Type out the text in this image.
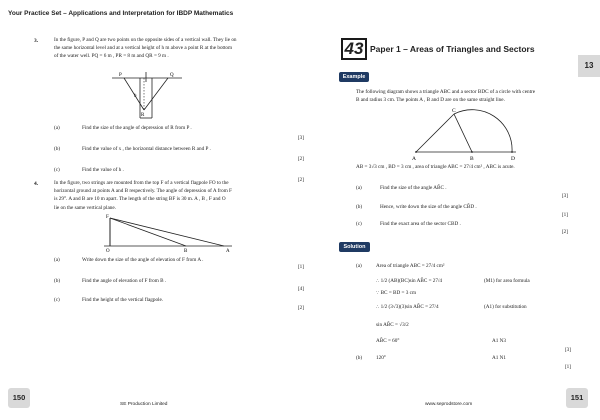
Your Practice Set – Applications and Interpretation for IBDP Mathematics
3.	In the figure, P and Q are two points on the opposite sides of a vertical wall. They lie on
the same horizontal level and at a vertical height of h m above a point R at the bottom
of the water well. PQ = 6 m , PR = 8 m and QR = 9 m .
P	Q
h
R
(a)	Find the size of the angle of depression of R from P .
[3]
(b)	Find the value of x , the horizontal distance between R and P .
[2]
(c)	Find the value of h .
[2]
4.	In the figure, two strings are mounted from the top F of a vertical flagpole FO to the
horizontal ground at points A and B respectively. The angle of depression of A from F
is 29°. A and B are 10 m apart. The length of the string BF is 30 m. A , B , F and O
lie on the same vertical plane.
F
O	B	A
(a)	Write down the size of the angle of elevation of F from A .
[1]
(b)	Find the angle of elevation of F from B .
[4]
(c)	Find the height of the vertical flagpole.
[2]
150
SE Production Limited
43 Paper 1 – Areas of Triangles and Sectors
13
Example
The following diagram shows a triangle ABC and a sector BDC of a circle with centre
B and radius 3 cm. The points A , B and D are on the same straight line.
C
A	B	D
AB = 3√3 cm , BD = 3 cm , area of triangle ABC = 27/4 cm² , ABC is acute.
(a)	Find the size of the angle AB̂C .
[3]
(b)	Hence, write down the size of the angle CB̂D .
[1]
(c)	Find the exact area of the sector CBD .
[2]
Solution
(a)	Area of triangle ABC = 27/4 cm²
∴ 1/2 (AB)(BC)sin AB̂C = 27/4	(M1) for area formula
∵ BC = BD = 3 cm
∴ 1/2 (3√3)(3)sin AB̂C = 27/4	(A1) for substitution
sin AB̂C = √3/2
AB̂C = 60°	A1 N3
[3]
(b)	120°	A1 N1
[1]
151
www.seprodstore.com
